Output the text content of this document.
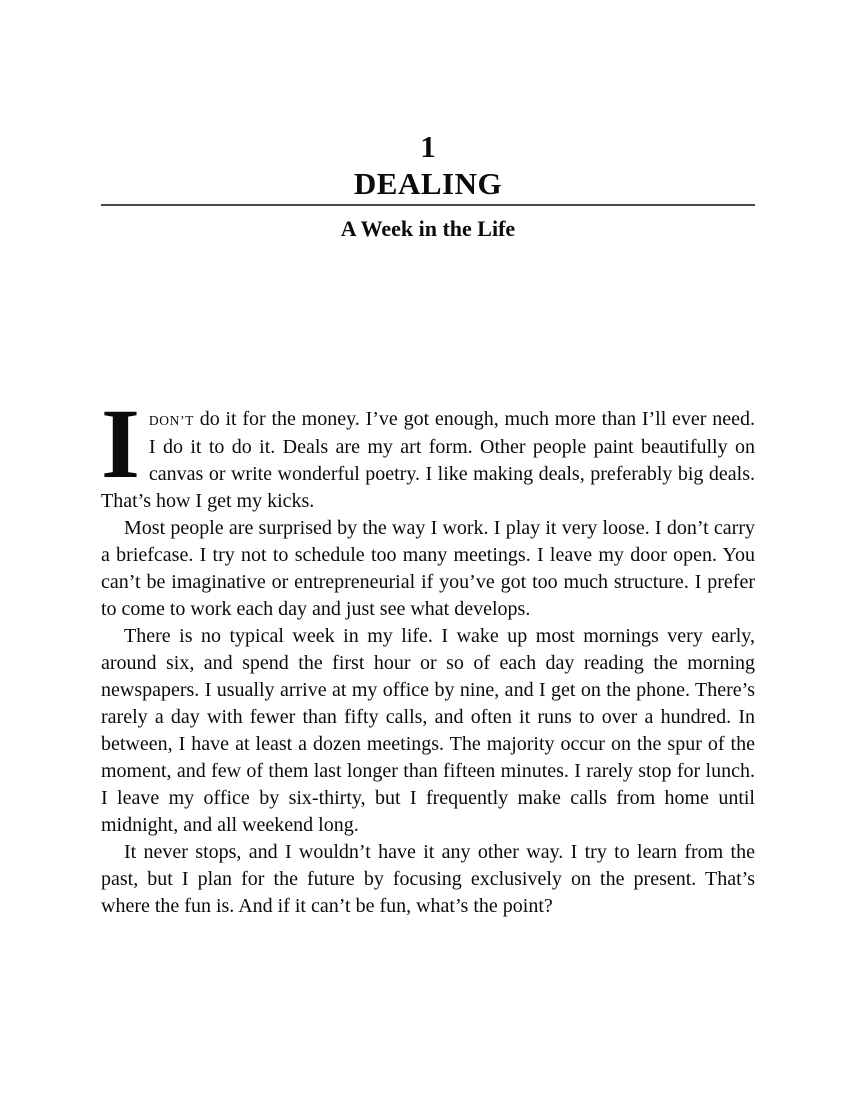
1
DEALING
A Week in the Life

I DON’T do it for the money. I’ve got enough, much more than I’ll ever need. I do it to do it. Deals are my art form. Other people paint beautifully on canvas or write wonderful poetry. I like making deals, preferably big deals. That’s how I get my kicks.

Most people are surprised by the way I work. I play it very loose. I don’t carry a briefcase. I try not to schedule too many meetings. I leave my door open. You can’t be imaginative or entrepreneurial if you’ve got too much structure. I prefer to come to work each day and just see what develops.

There is no typical week in my life. I wake up most mornings very early, around six, and spend the first hour or so of each day reading the morning newspapers. I usually arrive at my office by nine, and I get on the phone. There’s rarely a day with fewer than fifty calls, and often it runs to over a hundred. In between, I have at least a dozen meetings. The majority occur on the spur of the moment, and few of them last longer than fifteen minutes. I rarely stop for lunch. I leave my office by six-thirty, but I frequently make calls from home until midnight, and all weekend long.

It never stops, and I wouldn’t have it any other way. I try to learn from the past, but I plan for the future by focusing exclusively on the present. That’s where the fun is. And if it can’t be fun, what’s the point?
